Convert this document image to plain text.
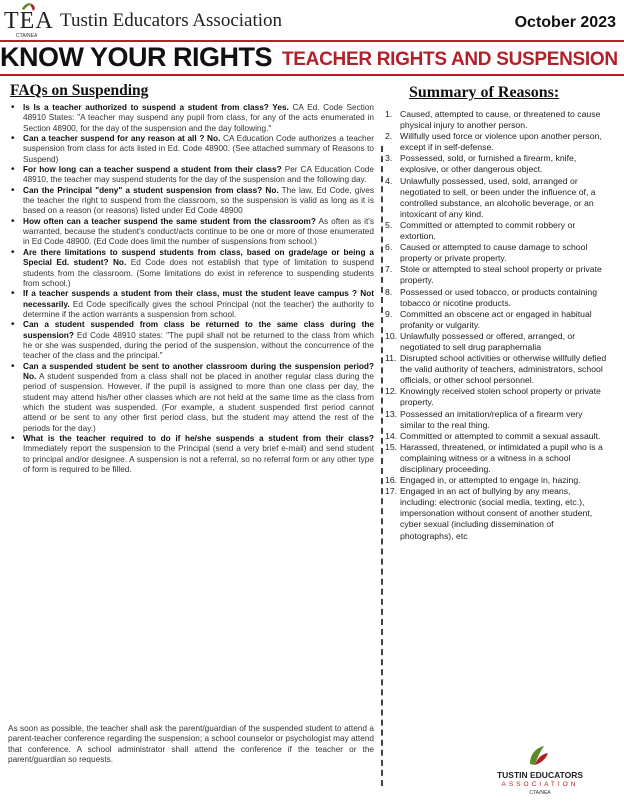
TEA
CTA/NEA
Tustin Educators Association	October 2023
KNOW YOUR RIGHTS TEACHER RIGHTS AND SUSPENSION
FAQs on Suspending
• Is Is a teacher authorized to suspend a student from class? Yes. CA Ed. Code Section 48910 States: "A teacher may suspend any pupil from class, for any of the acts enumerated in Section 48900, for the day of the suspension and the day following."
• Can a teacher suspend for any reason at all ? No. CA Education Code authorizes a teacher suspension from class for acts listed in Ed. Code 48900. (See attached summary of Reasons to Suspend)
• For how long can a teacher suspend a student from their class? Per CA Education Code 48910, the teacher may suspend students for the day of the suspension and the following day.
• Can the Principal "deny" a student suspension from class? No. The law, Ed Code, gives the teacher the right to suspend from the classroom, so the suspension is valid as long as it is based on a reason (or reasons) listed under Ed Code 48900
• How often can a teacher suspend the same student from the classroom? As often as it's warranted, because the student's conduct/acts continue to be one or more of those enumerated in Ed Code 48900. (Ed Code does limit the number of suspensions from school.)
• Are there limitations to suspend students from class, based on grade/age or being a Special Ed. student? No. Ed Code does not establish that type of limitation to suspend students from the classroom. (Some limitations do exist in reference to suspending students from school.)
• If a teacher suspends a student from their class, must the student leave campus ? Not necessarily. Ed Code specifically gives the school Principal (not the teacher) the authority to determine if the action warrants a suspension from school.
• Can a student suspended from class be returned to the same class during the suspension? Ed Code 48910 states: "The pupil shall not be returned to the class from which he or she was suspended, during the period of the suspension, without the concurrence of the teacher of the class and the principal."
• Can a suspended student be sent to another classroom during the suspension period? No. A student suspended from a class shall not be placed in another regular class during the period of suspension. However, if the pupil is assigned to more than one class per day, the student may attend his/her other classes which are not held at the same time as the class from which the student was suspended. (For example, a student suspended first period cannot attend or be sent to any other first period class, but the student may attend the rest of the periods for the day.)
• What is the teacher required to do if he/she suspends a student from their class? Immediately report the suspension to the Principal (send a very brief e-mail) and send student to principal and/or designee. A suspension is not a referral, so no referral form or any other type of form is required to be filled.
As soon as possible, the teacher shall ask the parent/guardian of the suspended student to attend a parent-teacher conference regarding the suspension; a school counselor or psychologist may attend that conference. A school administrator shall attend the conference if the teacher or the parent/guardian so requests.
Summary of Reasons:
1. Caused, attempted to cause, or threatened to cause physical injury to another person.
2. Willfully used force or violence upon another person, except if in self-defense.
3. Possessed, sold, or furnished a firearm, knife, explosive, or other dangerous object.
4. Unlawfully possessed, used, sold, arranged or negotiated to sell, or been under the influence of, a controlled substance, an alcoholic beverage, or an intoxicant of any kind.
5. Committed or attempted to commit robbery or extortion.
6. Caused or attempted to cause damage to school property or private property.
7. Stole or attempted to steal school property or private property.
8. Possessed or used tobacco, or products containing tobacco or nicotine products.
9. Committed an obscene act or engaged in habitual profanity or vulgarity.
10. Unlawfully possessed or offered, arranged, or negotiated to sell drug paraphernalia
11. Disrupted school activities or otherwise willfully defied the valid authority of teachers, administrators, school officials, or other school personnel.
12. Knowingly received stolen school property or private property.
13. Possessed an imitation/replica of a firearm very similar to the real thing.
14. Committed or attempted to commit a sexual assault.
15. Harassed, threatened, or intimidated a pupil who is a complaining witness or a witness in a school disciplinary proceeding.
16. Engaged in, or attempted to engage in, hazing.
17. Engaged in an act of bullying by any means, including: electronic (social media, texting, etc.), impersonation without consent of another student, cyber sexual (including dissemination of photographs), etc
TUSTIN EDUCATORS
ASSOCIATION
CTA/NEA
